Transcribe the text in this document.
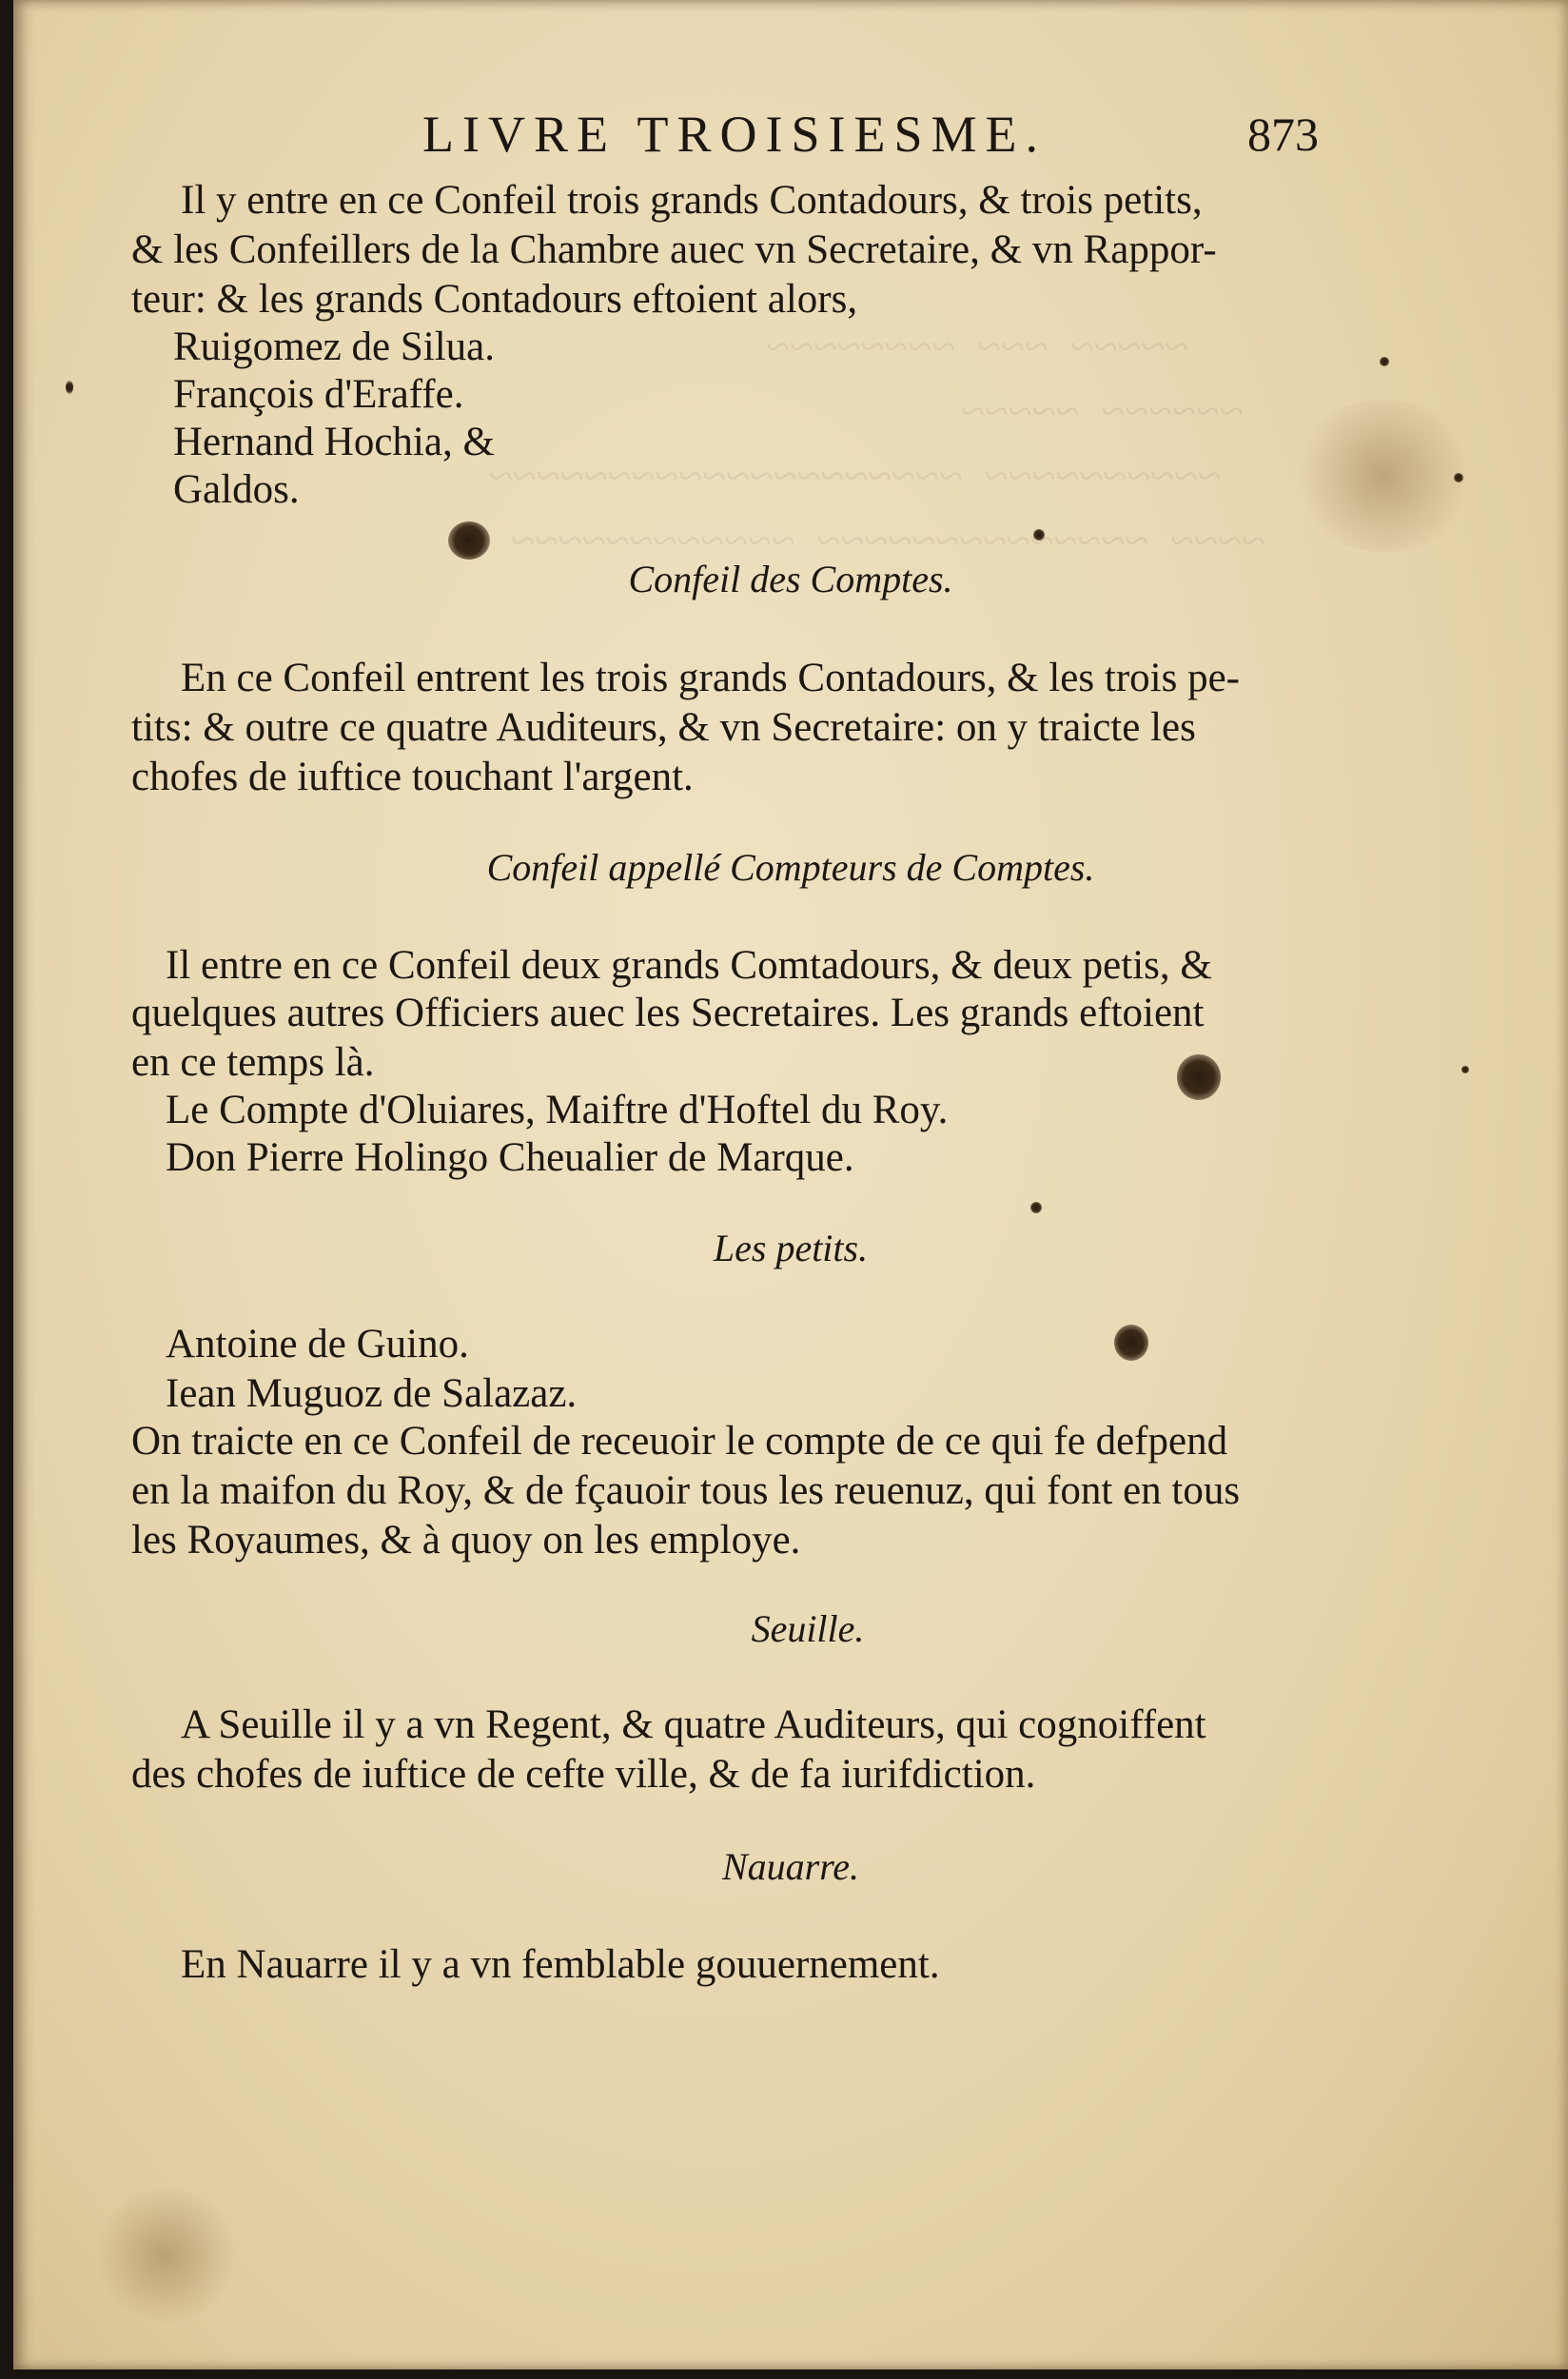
~~~~~  ~~~  ~~~~~~~~
~~~~~~  ~~~~~
~~~~~~~~~~  ~~~~~~~~~~~~~~~~~~~~
~~~~  ~~~~~~~~~~~~~~  ~~~~~~~~~~~~

LIVRE TROISIESME.	873
Il y entre en ce Confeil trois grands Contadours, & trois petits,
& les Confeillers de la Chambre auec vn Secretaire, & vn Rappor-
teur: & les grands Contadours eftoient alors,
Ruigomez de Silua.
François d'Eraffe.
Hernand Hochia, &
Galdos.
Confeil des Comptes.
En ce Confeil entrent les trois grands Contadours, & les trois pe-
tits: & outre ce quatre Auditeurs, & vn Secretaire: on y traicte les
chofes de iuftice touchant l'argent.
Confeil appellé Compteurs de Comptes.
Il entre en ce Confeil deux grands Comtadours, & deux petis, &
quelques autres Officiers auec les Secretaires. Les grands eftoient
en ce temps là.
Le Compte d'Oluiares, Maiftre d'Hoftel du Roy.
Don Pierre Holingo Cheualier de Marque.
Les petits.
Antoine de Guino.
Iean Muguoz de Salazaz.
On traicte en ce Confeil de receuoir le compte de ce qui fe defpend
en la maifon du Roy, & de fçauoir tous les reuenuz, qui font en tous
les Royaumes, & à quoy on les employe.
Seuille.
A Seuille il y a vn Regent, & quatre Auditeurs, qui cognoiffent
des chofes de iuftice de cefte ville, & de fa iurifdiction.
Nauarre.
En Nauarre il y a vn femblable gouuernement.
